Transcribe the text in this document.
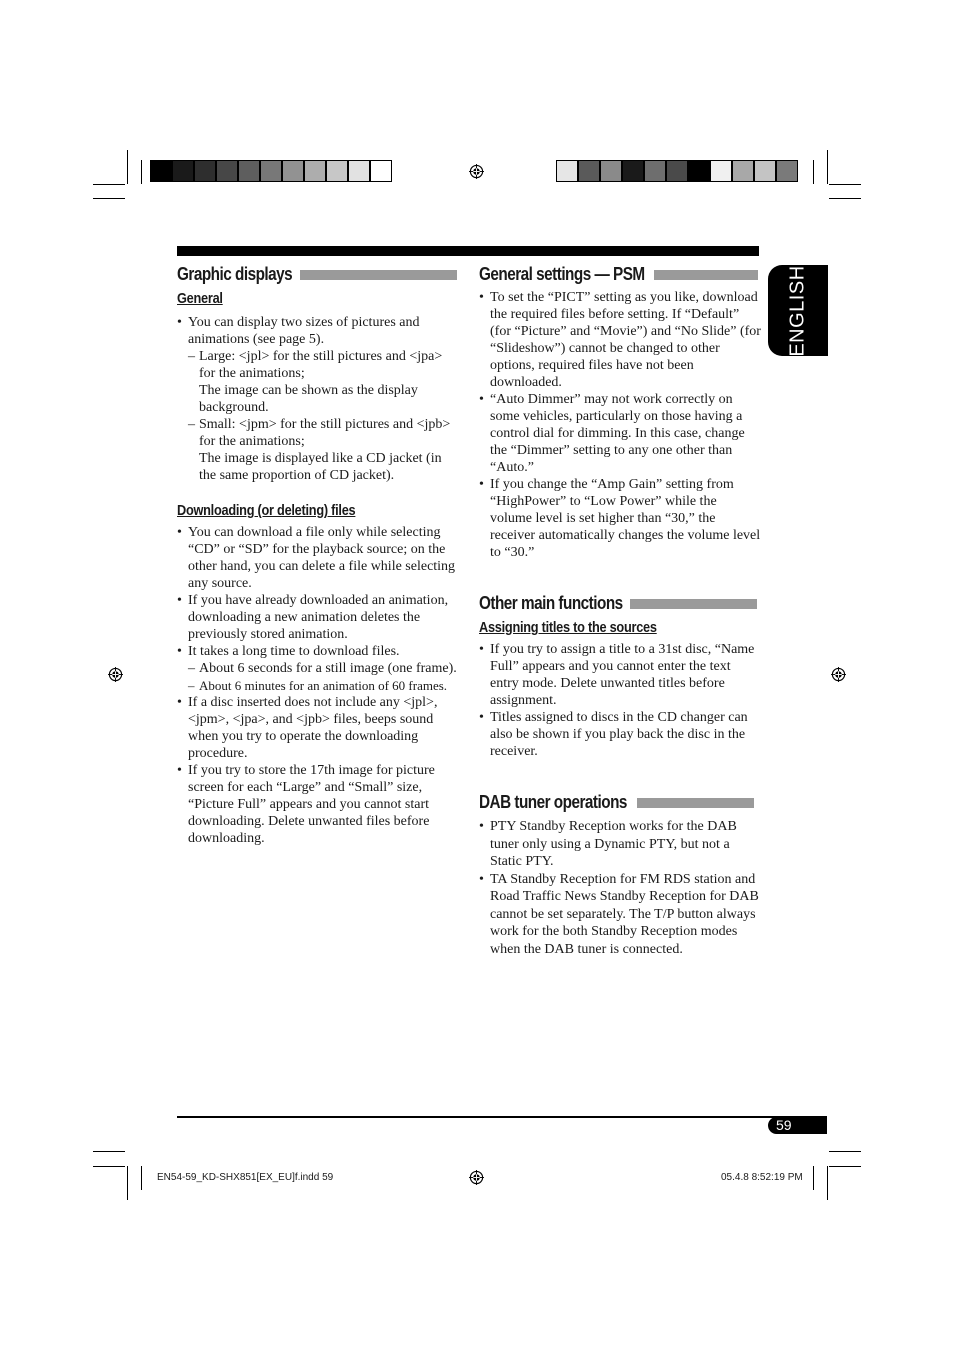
ENGLISH
Graphic displays
General
• You can display two sizes of pictures and animations (see page 5).
– Large: <jpl> for the still pictures and <jpa> for the animations;
The image can be shown as the display background.
– Small: <jpm> for the still pictures and <jpb> for the animations;
The image is displayed like a CD jacket (in the same proportion of CD jacket).
Downloading (or deleting) files
• You can download a file only while selecting “CD” or “SD” for the playback source; on the other hand, you can delete a file while selecting any source.
• If you have already downloaded an animation, downloading a new animation deletes the previously stored animation.
• It takes a long time to download files.
– About 6 seconds for a still image (one frame).
– About 6 minutes for an animation of 60 frames.
• If a disc inserted does not include any <jpl>, <jpm>, <jpa>, and <jpb> files, beeps sound when you try to operate the downloading procedure.
• If you try to store the 17th image for picture screen for each “Large” and “Small” size, “Picture Full” appears and you cannot start downloading. Delete unwanted files before downloading.
General settings — PSM
• To set the “PICT” setting as you like, download the required files before setting. If “Default” (for “Picture” and “Movie”) and “No Slide” (for “Slideshow”) cannot be changed to other options, required files have not been downloaded.
• “Auto Dimmer” may not work correctly on some vehicles, particularly on those having a control dial for dimming. In this case, change the “Dimmer” setting to any one other than “Auto.”
• If you change the “Amp Gain” setting from “HighPower” to “Low Power” while the volume level is set higher than “30,” the receiver automatically changes the volume level to “30.”
Other main functions
Assigning titles to the sources
• If you try to assign a title to a 31st disc, “Name Full” appears and you cannot enter the text entry mode. Delete unwanted titles before assignment.
• Titles assigned to discs in the CD changer can also be shown if you play back the disc in the receiver.
DAB tuner operations
• PTY Standby Reception works for the DAB tuner only using a Dynamic PTY, but not a Static PTY.
• TA Standby Reception for FM RDS station and Road Traffic News Standby Reception for DAB cannot be set separately. The T/P button always work for the both Standby Reception modes when the DAB tuner is connected.
59
EN54-59_KD-SHX851[EX_EU]f.indd 59	05.4.8 8:52:19 PM
